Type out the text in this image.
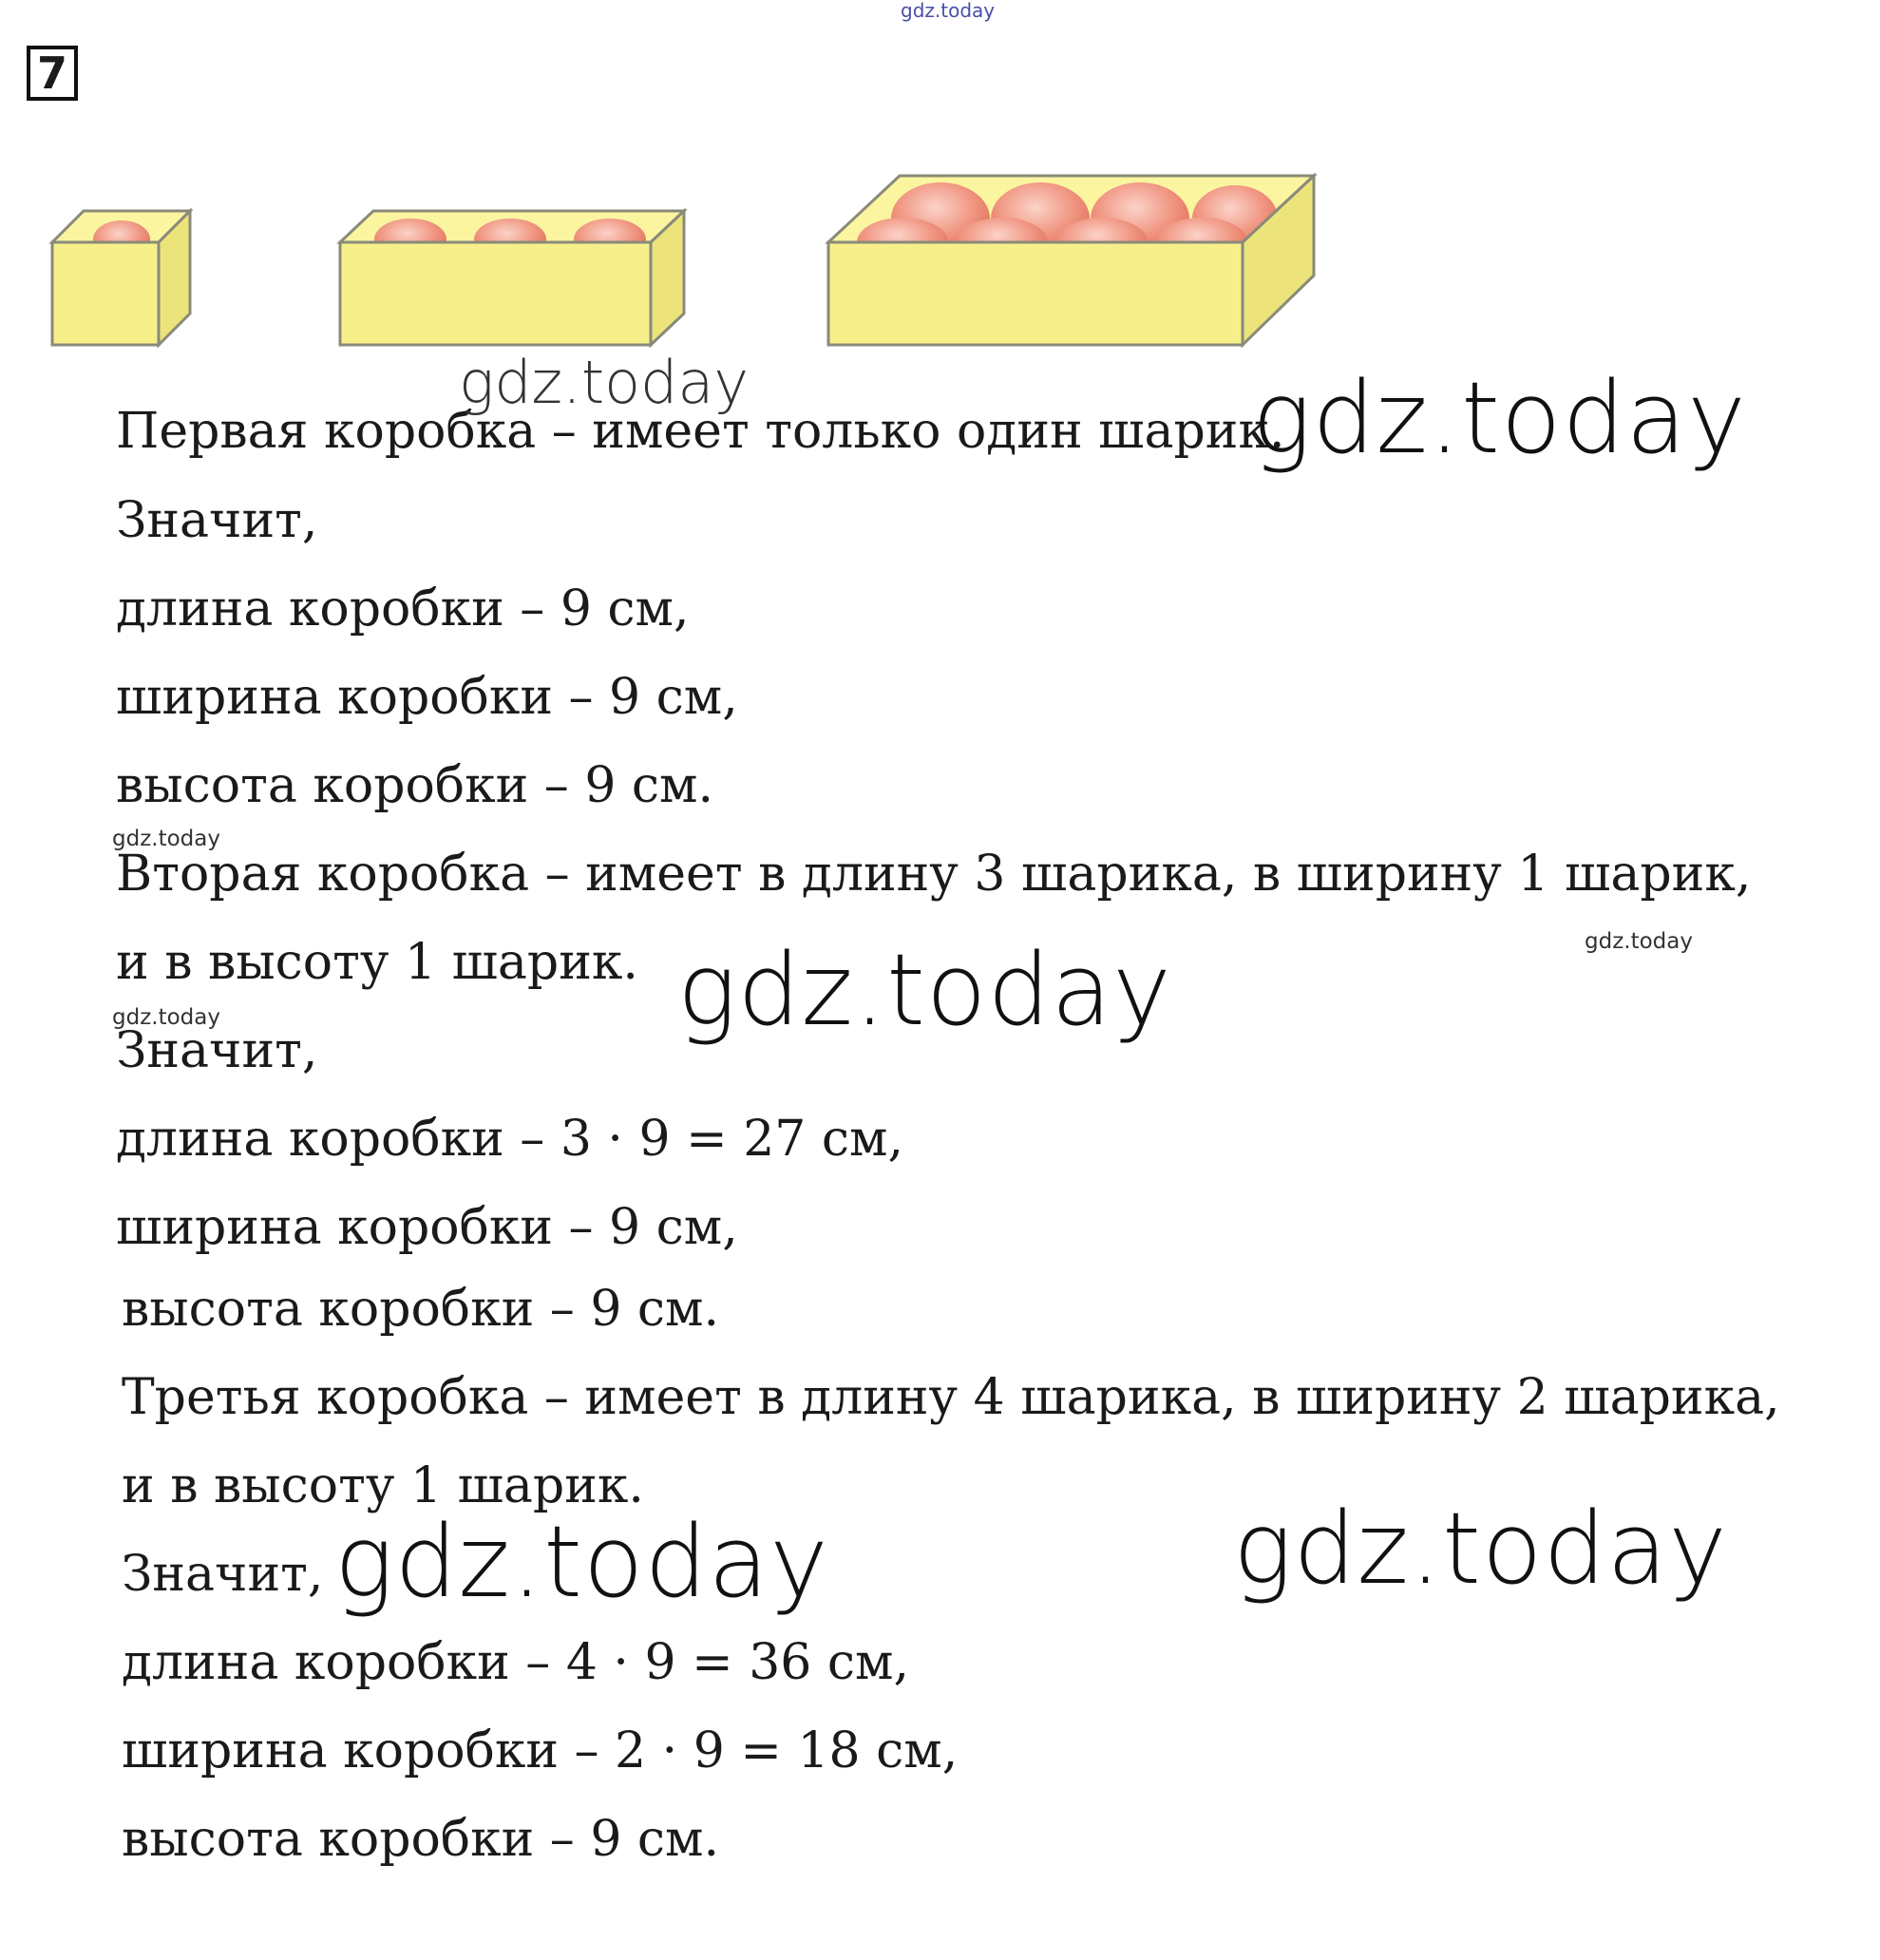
gdz.today
7
Первая коробка – имеет только один шарик.
Значит,
длина коробки – 9 см,
ширина коробки – 9 см,
высота коробки – 9 см.
Вторая коробка – имеет в длину 3 шарика, в ширину 1 шарик,
и в высоту 1 шарик.
Значит,
длина коробки – 3 · 9 = 27 см,
ширина коробки – 9 см,
высота коробки – 9 см.
Третья коробка – имеет в длину 4 шарика, в ширину 2 шарика,
и в высоту 1 шарик.
Значит,
длина коробки – 4 · 9 = 36 см,
ширина коробки – 2 · 9 = 18 см,
высота коробки – 9 см.
gdz.today	gdz.today
gdz.today
gdz.today
gdz.today
gdz.today
gdz.today	gdz.today
